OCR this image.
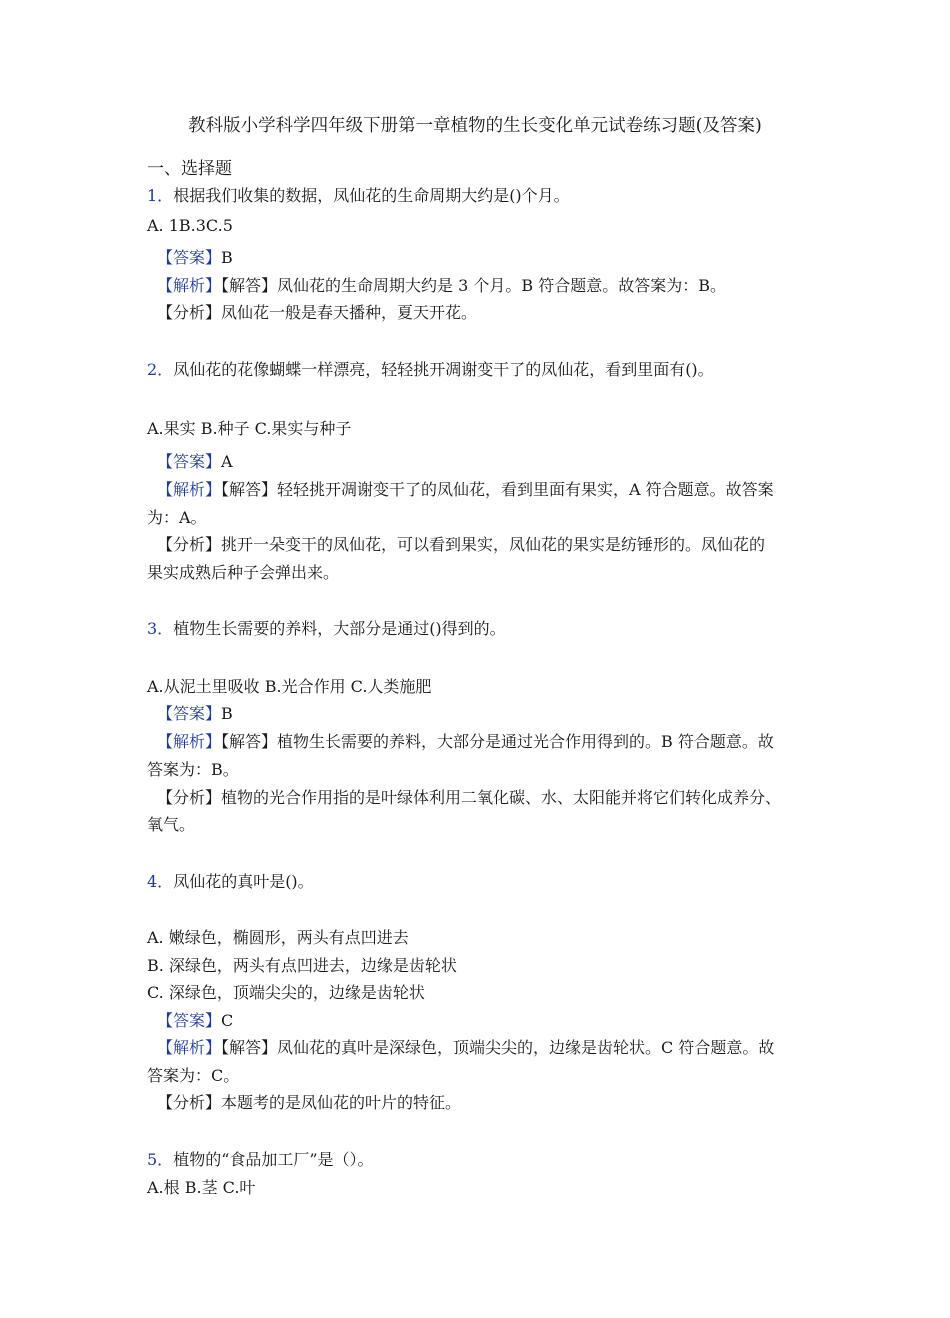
教科版小学科学四年级下册第一章植物的生长变化单元试卷练习题(及答案)
一、选择题
1．根据我们收集的数据，凤仙花的生命周期大约是()个月。
A. 1B.3C.5
【答案】B
【解析】【解答】凤仙花的生命周期大约是 3 个月。B 符合题意。故答案为：B。
【分析】凤仙花一般是春天播种，夏天开花。
2．凤仙花的花像蝴蝶一样漂亮，轻轻挑开凋谢变干了的凤仙花，看到里面有()。
A.果实 B.种子 C.果实与种子
【答案】A
【解析】【解答】轻轻挑开凋谢变干了的凤仙花，看到里面有果实，A 符合题意。故答案
为：A。
【分析】挑开一朵变干的凤仙花，可以看到果实，凤仙花的果实是纺锤形的。凤仙花的
果实成熟后种子会弹出来。
3．植物生长需要的养料，大部分是通过()得到的。
A.从泥土里吸收 B.光合作用 C.人类施肥
【答案】B
【解析】【解答】植物生长需要的养料，大部分是通过光合作用得到的。B 符合题意。故
答案为：B。
【分析】植物的光合作用指的是叶绿体利用二氧化碳、水、太阳能并将它们转化成养分、
氧气。
4．凤仙花的真叶是()。
A. 嫩绿色，椭圆形，两头有点凹进去
B. 深绿色，两头有点凹进去，边缘是齿轮状
C. 深绿色，顶端尖尖的，边缘是齿轮状
【答案】C
【解析】【解答】凤仙花的真叶是深绿色，顶端尖尖的，边缘是齿轮状。C 符合题意。故
答案为：C。
【分析】本题考的是凤仙花的叶片的特征。
5．植物的“食品加工厂”是（）。
A.根 B.茎 C.叶
